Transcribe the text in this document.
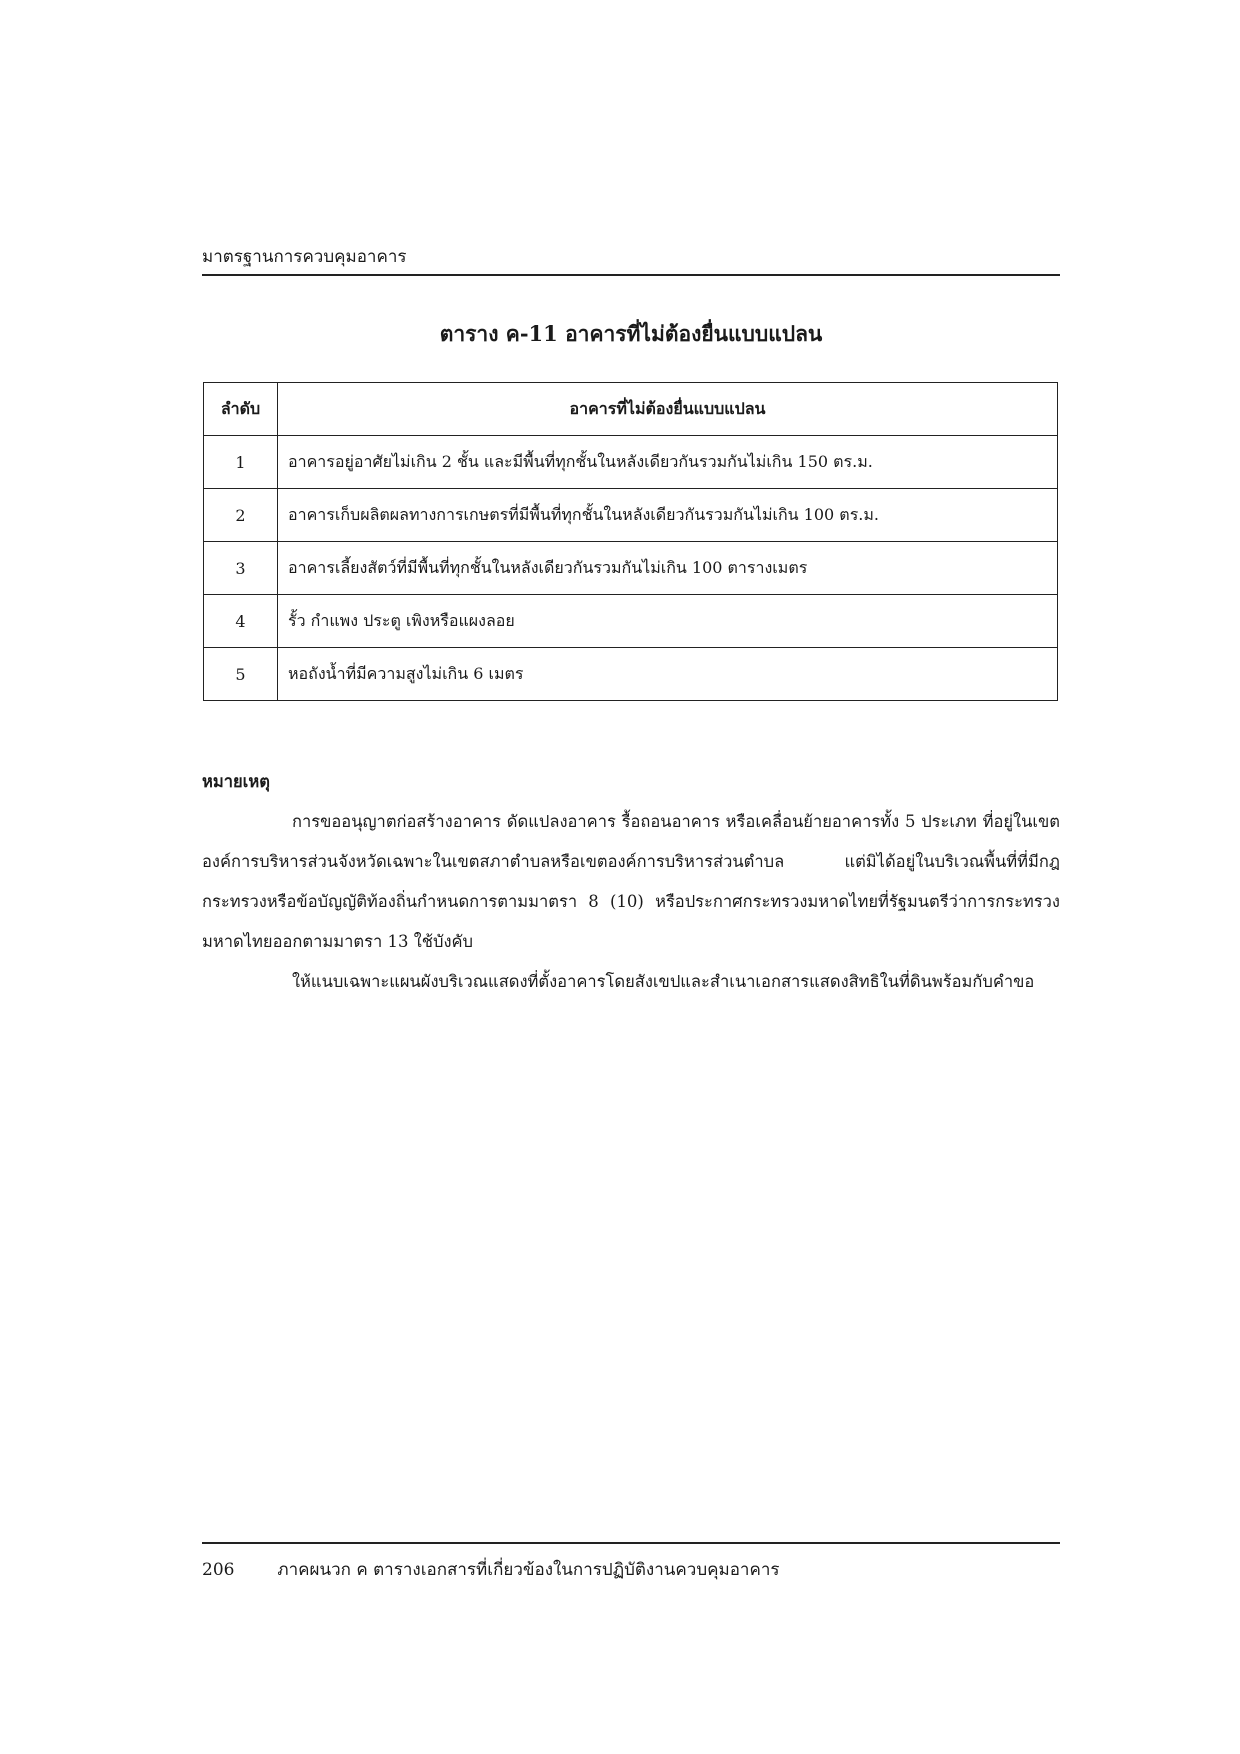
มาตรฐานการควบคุมอาคาร
ตาราง ค-11 อาคารที่ไม่ต้องยื่นแบบแปลน
ลำดับ	อาคารที่ไม่ต้องยื่นแบบแปลน
1	อาคารอยู่อาศัยไม่เกิน 2 ชั้น และมีพื้นที่ทุกชั้นในหลังเดียวกันรวมกันไม่เกิน 150 ตร.ม.
2	อาคารเก็บผลิตผลทางการเกษตรที่มีพื้นที่ทุกชั้นในหลังเดียวกันรวมกันไม่เกิน 100 ตร.ม.
3	อาคารเลี้ยงสัตว์ที่มีพื้นที่ทุกชั้นในหลังเดียวกันรวมกันไม่เกิน 100 ตารางเมตร
4	รั้ว กำแพง ประตู เพิงหรือแผงลอย
5	หอถังน้ำที่มีความสูงไม่เกิน 6 เมตร
หมายเหตุ

การขออนุญาตก่อสร้างอาคาร ดัดแปลงอาคาร รื้อถอนอาคาร หรือเคลื่อนย้ายอาคารทั้ง 5 ประเภท ที่อยู่ในเขตองค์การบริหารส่วนจังหวัดเฉพาะในเขตสภาตำบลหรือเขตองค์การบริหารส่วนตำบล แต่มิได้อยู่ในบริเวณพื้นที่ที่มีกฎกระทรวงหรือข้อบัญญัติท้องถิ่นกำหนดการตามมาตรา 8 (10) หรือประกาศกระทรวงมหาดไทยที่รัฐมนตรีว่าการกระทรวงมหาดไทยออกตามมาตรา 13 ใช้บังคับ

ให้แนบเฉพาะแผนผังบริเวณแสดงที่ตั้งอาคารโดยสังเขปและสำเนาเอกสารแสดงสิทธิในที่ดินพร้อมกับคำขอ

206	ภาคผนวก ค ตารางเอกสารที่เกี่ยวข้องในการปฏิบัติงานควบคุมอาคาร
